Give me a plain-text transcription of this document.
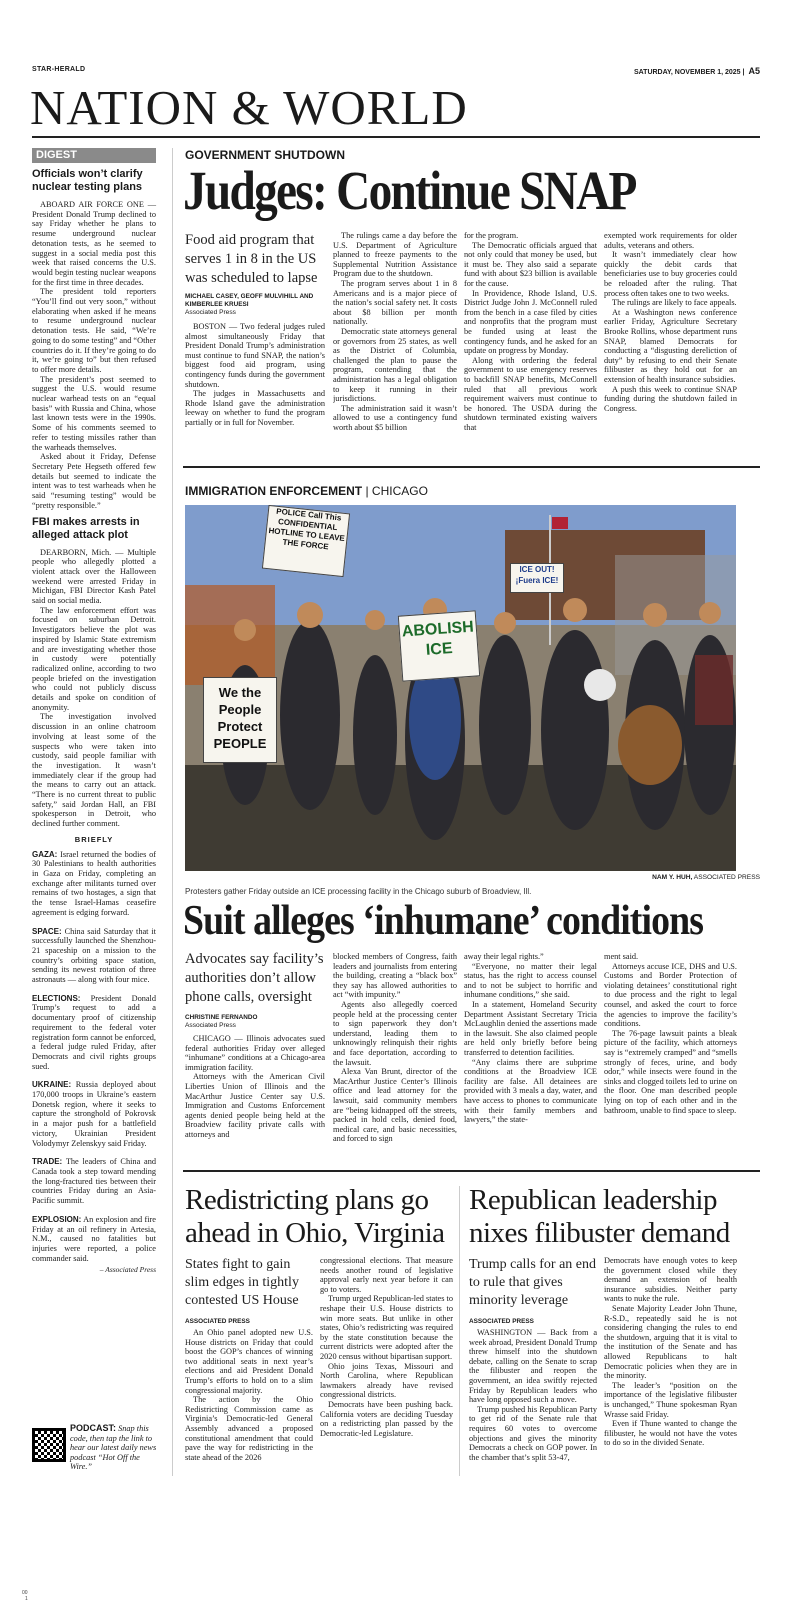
STAR-HERALD	SATURDAY, NOVEMBER 1, 2025 | A5
NATION & WORLD
DIGEST
Officials won’t clarify nuclear testing plans

ABOARD AIR FORCE ONE — President Donald Trump declined to say Friday whether he plans to resume underground nuclear detonation tests, as he seemed to suggest in a social media post this week that raised concerns the U.S. would begin testing nuclear weapons for the first time in three decades.

The president told reporters “You’ll find out very soon,” without elaborating when asked if he means to resume underground nuclear detonation tests. He said, “We’re going to do some testing” and “Other countries do it. If they’re going to do it, we’re going to” but then refused to offer more details.

The president’s post seemed to suggest the U.S. would resume nuclear warhead tests on an “equal basis” with Russia and China, whose last known tests were in the 1990s. Some of his comments seemed to refer to testing missiles rather than the warheads themselves.

Asked about it Friday, Defense Secretary Pete Hegseth offered few details but seemed to indicate the intent was to test warheads when he said “resuming testing” would be “pretty responsible.”

FBI makes arrests in alleged attack plot

DEARBORN, Mich. — Multiple people who allegedly plotted a violent attack over the Halloween weekend were arrested Friday in Michigan, FBI Director Kash Patel said on social media.

The law enforcement effort was focused on suburban Detroit. Investigators believe the plot was inspired by Islamic State extremism and are investigating whether those in custody were potentially radicalized online, according to two people briefed on the investigation who could not publicly discuss details and spoke on condition of anonymity.

The investigation involved discussion in an online chatroom involving at least some of the suspects who were taken into custody, said people familiar with the investigation. It wasn’t immediately clear if the group had the means to carry out an attack. “There is no current threat to public safety,” said Jordan Hall, an FBI spokesperson in Detroit, who declined further comment.

BRIEFLY
GAZA: Israel returned the bodies of 30 Palestinians to health authorities in Gaza on Friday, completing an exchange after militants turned over remains of two hostages, a sign that the tense Israel-Hamas ceasefire agreement is edging forward.
SPACE: China said Saturday that it successfully launched the Shenzhou-21 spaceship on a mission to the country’s orbiting space station, sending its newest rotation of three astronauts — along with four mice.
ELECTIONS: President Donald Trump’s request to add a documentary proof of citizenship requirement to the federal voter registration form cannot be enforced, a federal judge ruled Friday, after Democrats and civil rights groups sued.
UKRAINE: Russia deployed about 170,000 troops in Ukraine’s eastern Donetsk region, where it seeks to capture the stronghold of Pokrovsk in a major push for a battlefield victory, Ukrainian President Volodymyr Zelenskyy said Friday.
TRADE: The leaders of China and Canada took a step toward mending the long-fractured ties between their countries Friday during an Asia-Pacific summit.
EXPLOSION: An explosion and fire Friday at an oil refinery in Artesia, N.M., caused no fatalities but injuries were reported, a police commander said.
– Associated Press
PODCAST: Snap this code, then tap the link to hear our latest daily news podcast “Hot Off the Wire.”
GOVERNMENT SHUTDOWN
Judges: Continue SNAP
Food aid program that serves 1 in 8 in the US was scheduled to lapse
MICHAEL CASEY, GEOFF MULVIHILL AND KIMBERLEE KRUESI
Associated Press

BOSTON — Two federal judges ruled almost simultaneously Friday that President Donald Trump’s administration must continue to fund SNAP, the nation’s biggest food aid program, using contingency funds during the government shutdown.

The judges in Massachusetts and Rhode Island gave the administration leeway on whether to fund the program partially or in full for November.

The rulings came a day before the U.S. Department of Agriculture planned to freeze payments to the Supplemental Nutrition Assistance Program due to the shutdown.

The program serves about 1 in 8 Americans and is a major piece of the nation’s social safety net. It costs about $8 billion per month nationally.

Democratic state attorneys general or governors from 25 states, as well as the District of Columbia, challenged the plan to pause the program, contending that the administration has a legal obligation to keep it running in their jurisdictions.

The administration said it wasn’t allowed to use a contingency fund worth about $5 billion

for the program.

The Democratic officials argued that not only could that money be used, but it must be. They also said a separate fund with about $23 billion is available for the cause.

In Providence, Rhode Island, U.S. District Judge John J. McConnell ruled from the bench in a case filed by cities and nonprofits that the program must be funded using at least the contingency funds, and he asked for an update on progress by Monday.

Along with ordering the federal government to use emergency reserves to backfill SNAP benefits, McConnell ruled that all previous work requirement waivers must continue to be honored. The USDA during the shutdown terminated existing waivers that

exempted work requirements for older adults, veterans and others.

It wasn’t immediately clear how quickly the debit cards that beneficiaries use to buy groceries could be reloaded after the ruling. That process often takes one to two weeks.

The rulings are likely to face appeals.

At a Washington news conference earlier Friday, Agriculture Secretary Brooke Rollins, whose department runs SNAP, blamed Democrats for conducting a “disgusting dereliction of duty” by refusing to end their Senate filibuster as they hold out for an extension of health insurance subsidies.

A push this week to continue SNAP funding during the shutdown failed in Congress.

IMMIGRATION ENFORCEMENT | CHICAGO
POLICE Call This CONFIDENTIAL HOTLINE TO LEAVE THE FORCE
ABOLISH ICE
ICE OUT! ¡Fuera ICE!
We the People Protect PEOPLE
NAM Y. HUH, ASSOCIATED PRESS
Protesters gather Friday outside an ICE processing facility in the Chicago suburb of Broadview, Ill.
Suit alleges ‘inhumane’ conditions
Advocates say facility’s authorities don’t allow phone calls, oversight
CHRISTINE FERNANDO
Associated Press

CHICAGO — Illinois advocates sued federal authorities Friday over alleged “inhumane” conditions at a Chicago-area immigration facility.

Attorneys with the American Civil Liberties Union of Illinois and the MacArthur Justice Center say U.S. Immigration and Customs Enforcement agents denied people being held at the Broadview facility private calls with attorneys and

blocked members of Congress, faith leaders and journalists from entering the building, creating a “black box” they say has allowed authorities to act “with impunity.”

Agents also allegedly coerced people held at the processing center to sign paperwork they don’t understand, leading them to unknowingly relinquish their rights and face deportation, according to the lawsuit.

Alexa Van Brunt, director of the MacArthur Justice Center’s Illinois office and lead attorney for the lawsuit, said community members are “being kidnapped off the streets, packed in hold cells, denied food, medical care, and basic necessities, and forced to sign

away their legal rights.”

“Everyone, no matter their legal status, has the right to access counsel and to not be subject to horrific and inhumane conditions,” she said.

In a statement, Homeland Security Department Assistant Secretary Tricia McLaughlin denied the assertions made in the lawsuit. She also claimed people are held only briefly before being transferred to detention facilities.

“Any claims there are subprime conditions at the Broadview ICE facility are false. All detainees are provided with 3 meals a day, water, and have access to phones to communicate with their family members and lawyers,” the state-

ment said.

Attorneys accuse ICE, DHS and U.S. Customs and Border Protection of violating detainees’ constitutional right to due process and the right to legal counsel, and asked the court to force the agencies to improve the facility’s conditions.

The 76-page lawsuit paints a bleak picture of the facility, which attorneys say is “extremely cramped” and “smells strongly of feces, urine, and body odor,” while insects were found in the sinks and clogged toilets led to urine on the floor. One man described people lying on top of each other and in the bathroom, unable to find space to sleep.

Redistricting plans go ahead in Ohio, Virginia
States fight to gain slim edges in tightly contested US House
ASSOCIATED PRESS

An Ohio panel adopted new U.S. House districts on Friday that could boost the GOP’s chances of winning two additional seats in next year’s elections and aid President Donald Trump’s efforts to hold on to a slim congressional majority.

The action by the Ohio Redistricting Commission came as Virginia’s Democratic-led General Assembly advanced a proposed constitutional amendment that could pave the way for redistricting in the state ahead of the 2026

congressional elections. That measure needs another round of legislative approval early next year before it can go to voters.

Trump urged Republican-led states to reshape their U.S. House districts to win more seats. But unlike in other states, Ohio’s redistricting was required by the state constitution because the current districts were adopted after the 2020 census without bipartisan support.

Ohio joins Texas, Missouri and North Carolina, where Republican lawmakers already have revised congressional districts.

Democrats have been pushing back. California voters are deciding Tuesday on a redistricting plan passed by the Democratic-led Legislature.

Republican leadership nixes filibuster demand
Trump calls for an end to rule that gives minority leverage
ASSOCIATED PRESS

WASHINGTON — Back from a week abroad, President Donald Trump threw himself into the shutdown debate, calling on the Senate to scrap the filibuster and reopen the government, an idea swiftly rejected Friday by Republican leaders who have long opposed such a move.

Trump pushed his Republican Party to get rid of the Senate rule that requires 60 votes to overcome objections and gives the minority Democrats a check on GOP power. In the chamber that’s split 53-47,

Democrats have enough votes to keep the government closed while they demand an extension of health insurance subsidies. Neither party wants to nuke the rule.

Senate Majority Leader John Thune, R-S.D., repeatedly said he is not considering changing the rules to end the shutdown, arguing that it is vital to the institution of the Senate and has allowed Republicans to halt Democratic policies when they are in the minority.

The leader’s “position on the importance of the legislative filibuster is unchanged,” Thune spokesman Ryan Wrasse said Friday.

Even if Thune wanted to change the filibuster, he would not have the votes to do so in the divided Senate.

00
1
